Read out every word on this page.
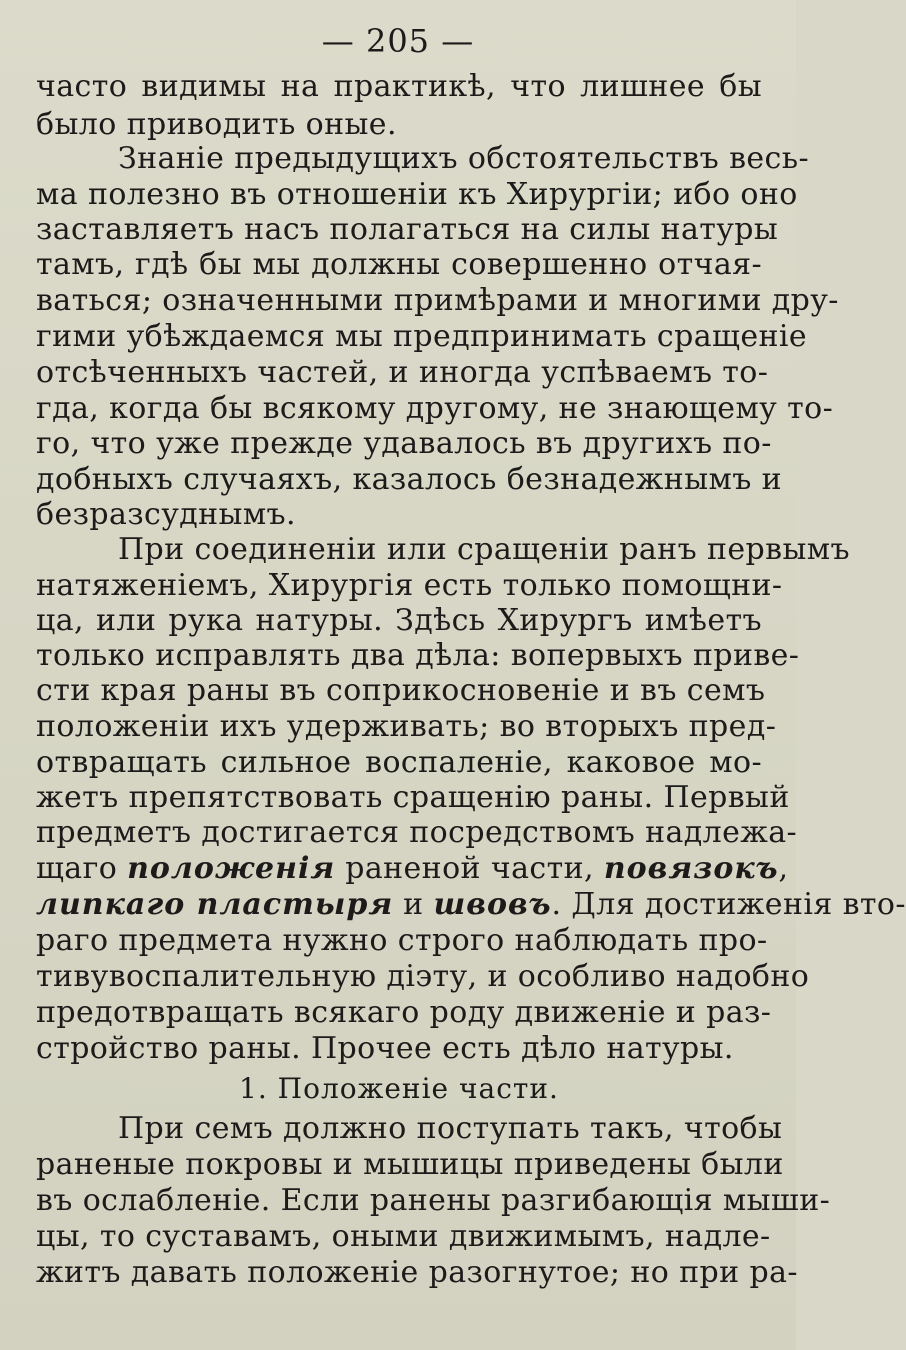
— 205 —
часто видимы на практикѣ, что лишнее бы
было приводить оные.
Знаніе предыдущихъ обстоятельствъ весь-
ма полезно въ отношеніи къ Хирургіи; ибо оно
заставляетъ насъ полагаться на силы натуры
тамъ, гдѣ бы мы должны совершенно отчая-
ваться; означенными примѣрами и многими дру-
гими убѣждаемся мы предпринимать сращеніе
отсѣченныхъ частей, и иногда успѣваемъ то-
гда, когда бы всякому другому, не знающему то-
го, что уже прежде удавалось въ другихъ по-
добныхъ случаяхъ, казалось безнадежнымъ и
безразсуднымъ.
При соединеніи или сращеніи ранъ первымъ
натяженіемъ, Хирургія есть только помощни-
ца, или рука натуры. Здѣсь Хирургъ имѣетъ
только исправлять два дѣла: вопервыхъ приве-
сти края раны въ соприкосновеніе и въ семъ
положеніи ихъ удерживать; во вторыхъ пред-
отвращать сильное воспаленіе, каковое мо-
жетъ препятствовать сращенію раны. Первый
предметъ достигается посредствомъ надлежа-
щаго положенія раненой части, повязокъ,
липкаго пластыря и швовъ. Для достиженія вто-
раго предмета нужно строго наблюдать про-
тивувоспалительную діэту, и особливо надобно
предотвращать всякаго роду движеніе и раз-
стройство раны. Прочее есть дѣло натуры.
1. Положеніе части.
При семъ должно поступать такъ, чтобы
раненые покровы и мышицы приведены были
въ ослабленіе. Если ранены разгибающія мыши-
цы, то суставамъ, оными движимымъ, надле-
житъ давать положеніе разогнутое; но при ра-
